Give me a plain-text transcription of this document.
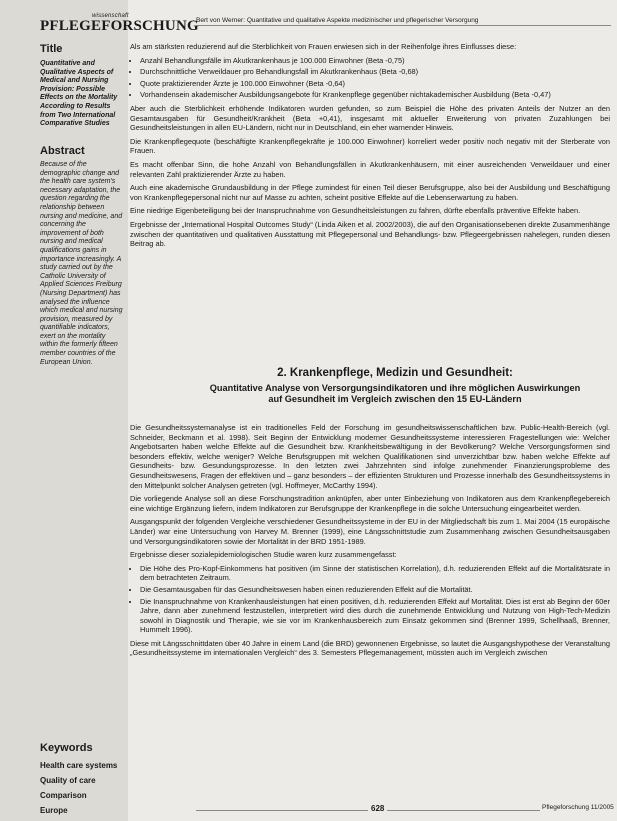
PFLEGEFORSCHUNG
wissenschaft
Bert von Werner: Quantitative und qualitative Aspekte medizinischer und pflegerischer Versorgung
Title
Quantitative and Qualitative Aspects of Medical and Nursing Provision: Possible Effects on the Mortality According to Results from Two International Comparative Studies
Abstract
Because of the demographic change and the health care system's necessary adaptation, the question regarding the relationship between nursing and medicine, and concerning the improvement of both nursing and medical qualifications gains in importance increasingly. A study carried out by the Catholic University of Applied Sciences Freiburg (Nursing Department) has analysed the influence which medical and nursing provision, measured by quantifiable indicators, exert on the mortality within the formerly fifteen member countries of the European Union.
Keywords
Health care systems
Quality of care
Comparison
Europe

Als am stärksten reduzierend auf die Sterblichkeit von Frauen erwiesen sich in der Reihenfolge ihres Einflusses diese:

• Anzahl Behandlungsfälle im Akutkrankenhaus je 100.000 Einwohner (Beta -0,75)
• Durchschnittliche Verweildauer pro Behandlungsfall im Akutkrankenhaus (Beta -0,68)
• Quote praktizierender Ärzte je 100.000 Einwohner (Beta -0,64)
• Vorhandensein akademischer Ausbildungsangebote für Krankenpflege gegenüber nichtakademischer Ausbildung (Beta -0,47)

Aber auch die Sterblichkeit erhöhende Indikatoren wurden gefunden, so zum Beispiel die Höhe des privaten Anteils der Nutzer an den Gesamtausgaben für Gesundheit/Krankheit (Beta +0,41), insgesamt mit aktueller Erweiterung von privaten Zuzahlungen bei Gesundheitsleistungen in allen EU-Ländern, nicht nur in Deutschland, ein eher warnender Hinweis.

Die Krankenpflegequote (beschäftigte Krankenpflegekräfte je 100.000 Einwohner) korreliert weder positiv noch negativ mit der Sterberate von Frauen.

Es macht offenbar Sinn, die hohe Anzahl von Behandlungsfällen in Akutkrankenhäusern, mit einer ausreichenden Verweildauer und einer relevanten Zahl praktizierender Ärzte zu haben.

Auch eine akademische Grundausbildung in der Pflege zumindest für einen Teil dieser Berufsgruppe, also bei der Ausbildung und Beschäftigung von Krankenpflegepersonal nicht nur auf Masse zu achten, scheint positive Effekte auf die Lebenserwartung zu haben.

Eine niedrige Eigenbeteiligung bei der Inanspruchnahme von Gesundheitsleistungen zu fahren, dürfte ebenfalls präventive Effekte haben.

Ergebnisse der „International Hospital Outcomes Study“ (Linda Aiken et al. 2002/2003), die auf den Organisationsebenen direkte Zusammenhänge zwischen der quantitativen und qualitativen Ausstattung mit Pflegepersonal und Behandlungs- bzw. Pflegeergebnissen nahelegen, runden diesen Beitrag ab.

2. Krankenpflege, Medizin und Gesundheit:
Quantitative Analyse von Versorgungsindikatoren und ihre möglichen Auswirkungen auf Gesundheit im Vergleich zwischen den 15 EU-Ländern

Die Gesundheitssystemanalyse ist ein traditionelles Feld der Forschung im gesundheitswissenschaftlichen bzw. Public-Health-Bereich (vgl. Schneider, Beckmann et al. 1998). Seit Beginn der Entwicklung moderner Gesundheitssysteme interessieren Fragestellungen wie: Welcher Angebotsarten haben welche Effekte auf die Gesundheit bzw. Krankheitsbewältigung in der Bevölkerung? Welche Versorgungsformen sind besonders effektiv, welche weniger? Welche Berufsgruppen mit welchen Qualifikationen sind unverzichtbar bzw. haben welche Effekte auf Gesundheits- bzw. Gesundungsprozesse. In den letzten zwei Jahrzehnten sind infolge zunehmender Finanzierungsprobleme des Gesundheitswesens, Fragen der effektiven und – ganz besonders – der effizienten Strukturen und Prozesse innerhalb des Gesundheitssystems in den Mittelpunkt solcher Analysen getreten (vgl. Hoffmeyer, McCarthy 1994).

Die vorliegende Analyse soll an diese Forschungstradition anknüpfen, aber unter Einbeziehung von Indikatoren aus dem Krankenpflegebereich eine wichtige Ergänzung liefern, indem Indikatoren zur Berufsgruppe der Krankenpflege in die solche Untersuchung eingearbeitet werden.

Ausgangspunkt der folgenden Vergleiche verschiedener Gesundheitssysteme in der EU in der Mitgliedschaft bis zum 1. Mai 2004 (15 europäische Länder) war eine Untersuchung von Harvey M. Brenner (1999), eine Längsschnittstudie zum Zusammenhang zwischen Gesundheitsausgaben und Versorgungsindikatoren sowie der Mortalität in der BRD 1951-1989.

Ergebnisse dieser sozialepidemiologischen Studie waren kurz zusammengefasst:

• Die Höhe des Pro-Kopf-Einkommens hat positiven (im Sinne der statistischen Korrelation), d.h. reduzierenden Effekt auf die Mortalitätsrate in dem betrachteten Zeitraum.
• Die Gesamtausgaben für das Gesundheitswesen haben einen reduzierenden Effekt auf die Mortalität.
• Die Inanspruchnahme von Krankenhausleistungen hat einen positiven, d.h. reduzierenden Effekt auf Mortalität. Dies ist erst ab Beginn der 60er Jahre, dann aber zunehmend festzustellen, interpretiert wird dies durch die zunehmende Entwicklung und Nutzung von High-Tech-Medizin sowohl in Diagnostik und Therapie, wie sie vor im Krankenhausbereich zum Einsatz gekommen sind (Brenner 1999, Schellhaaß, Brenner, Hummelt 1996).

Diese mit Längsschnittdaten über 40 Jahre in einem Land (die BRD) gewonnenen Ergebnisse, so lautet die Ausgangshypothese der Veranstaltung „Gesundheitssysteme im internationalen Vergleich“ des 3. Semesters Pflegemanagement, müssten auch im Vergleich zwischen

628	Pflegeforschung 11/2005
